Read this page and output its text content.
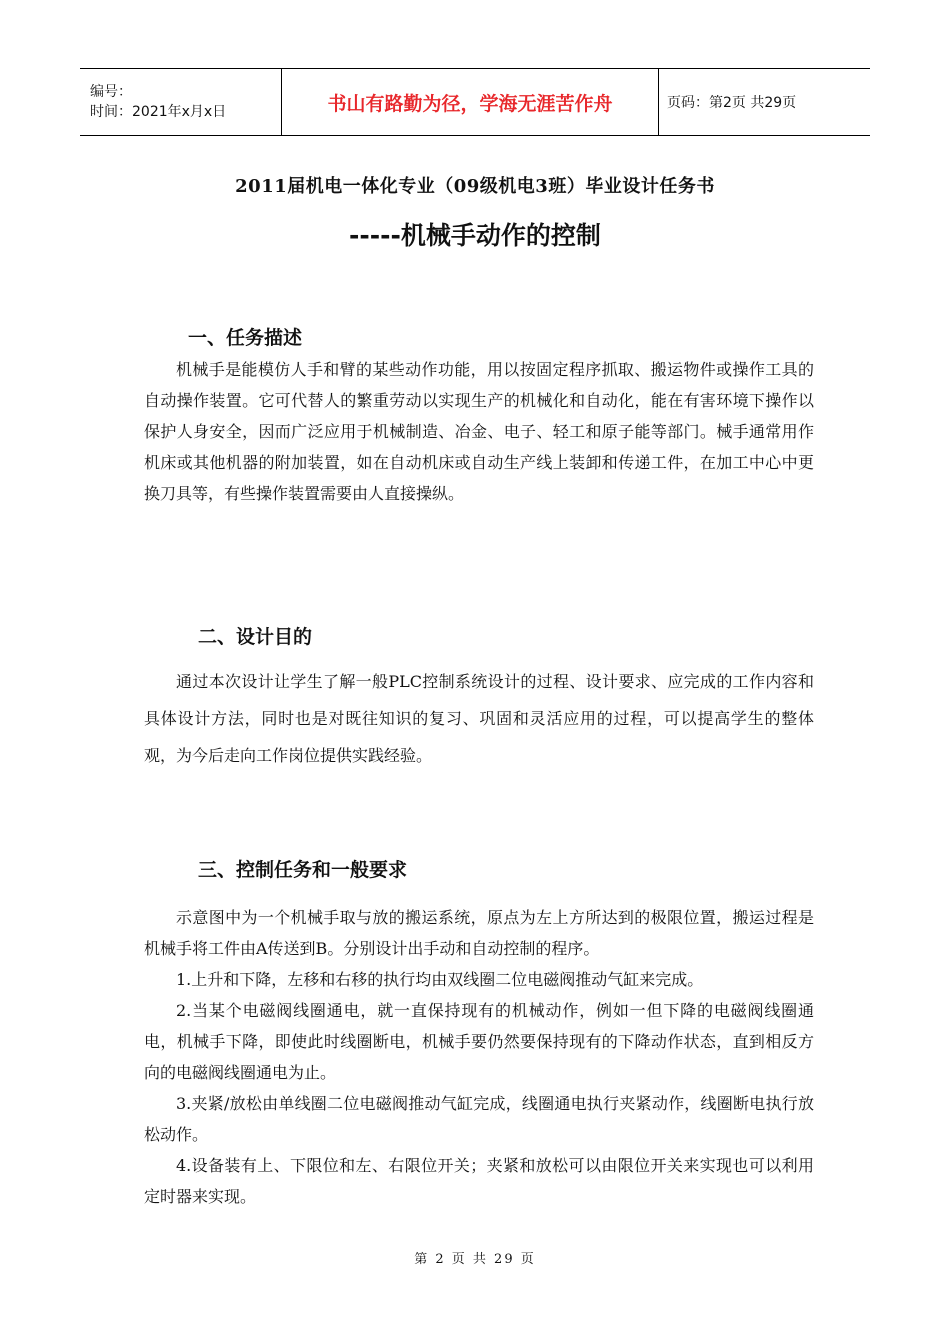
编号：
时间：2021年x月x日	书山有路勤为径，学海无涯苦作舟	页码：第2页 共29页
2011届机电一体化专业（09级机电3班）毕业设计任务书
-----机械手动作的控制
一、任务描述

机械手是能模仿人手和臂的某些动作功能，用以按固定程序抓取、搬运物件或操作工具的自动操作装置。它可代替人的繁重劳动以实现生产的机械化和自动化，能在有害环境下操作以保护人身安全，因而广泛应用于机械制造、冶金、电子、轻工和原子能等部门。械手通常用作机床或其他机器的附加装置，如在自动机床或自动生产线上装卸和传递工件，在加工中心中更换刀具等，有些操作装置需要由人直接操纵。

二、设计目的

通过本次设计让学生了解一般PLC控制系统设计的过程、设计要求、应完成的工作内容和具体设计方法，同时也是对既往知识的复习、巩固和灵活应用的过程，可以提高学生的整体观，为今后走向工作岗位提供实践经验。

三、控制任务和一般要求

示意图中为一个机械手取与放的搬运系统，原点为左上方所达到的极限位置，搬运过程是机械手将工件由A传送到B。分别设计出手动和自动控制的程序。

1.上升和下降，左移和右移的执行均由双线圈二位电磁阀推动气缸来完成。

2.当某个电磁阀线圈通电，就一直保持现有的机械动作，例如一但下降的电磁阀线圈通电，机械手下降，即使此时线圈断电，机械手要仍然要保持现有的下降动作状态，直到相反方向的电磁阀线圈通电为止。

3.夹紧/放松由单线圈二位电磁阀推动气缸完成，线圈通电执行夹紧动作，线圈断电执行放松动作。

4.设备装有上、下限位和左、右限位开关；夹紧和放松可以由限位开关来实现也可以利用定时器来实现。

第 2 页 共 29 页
